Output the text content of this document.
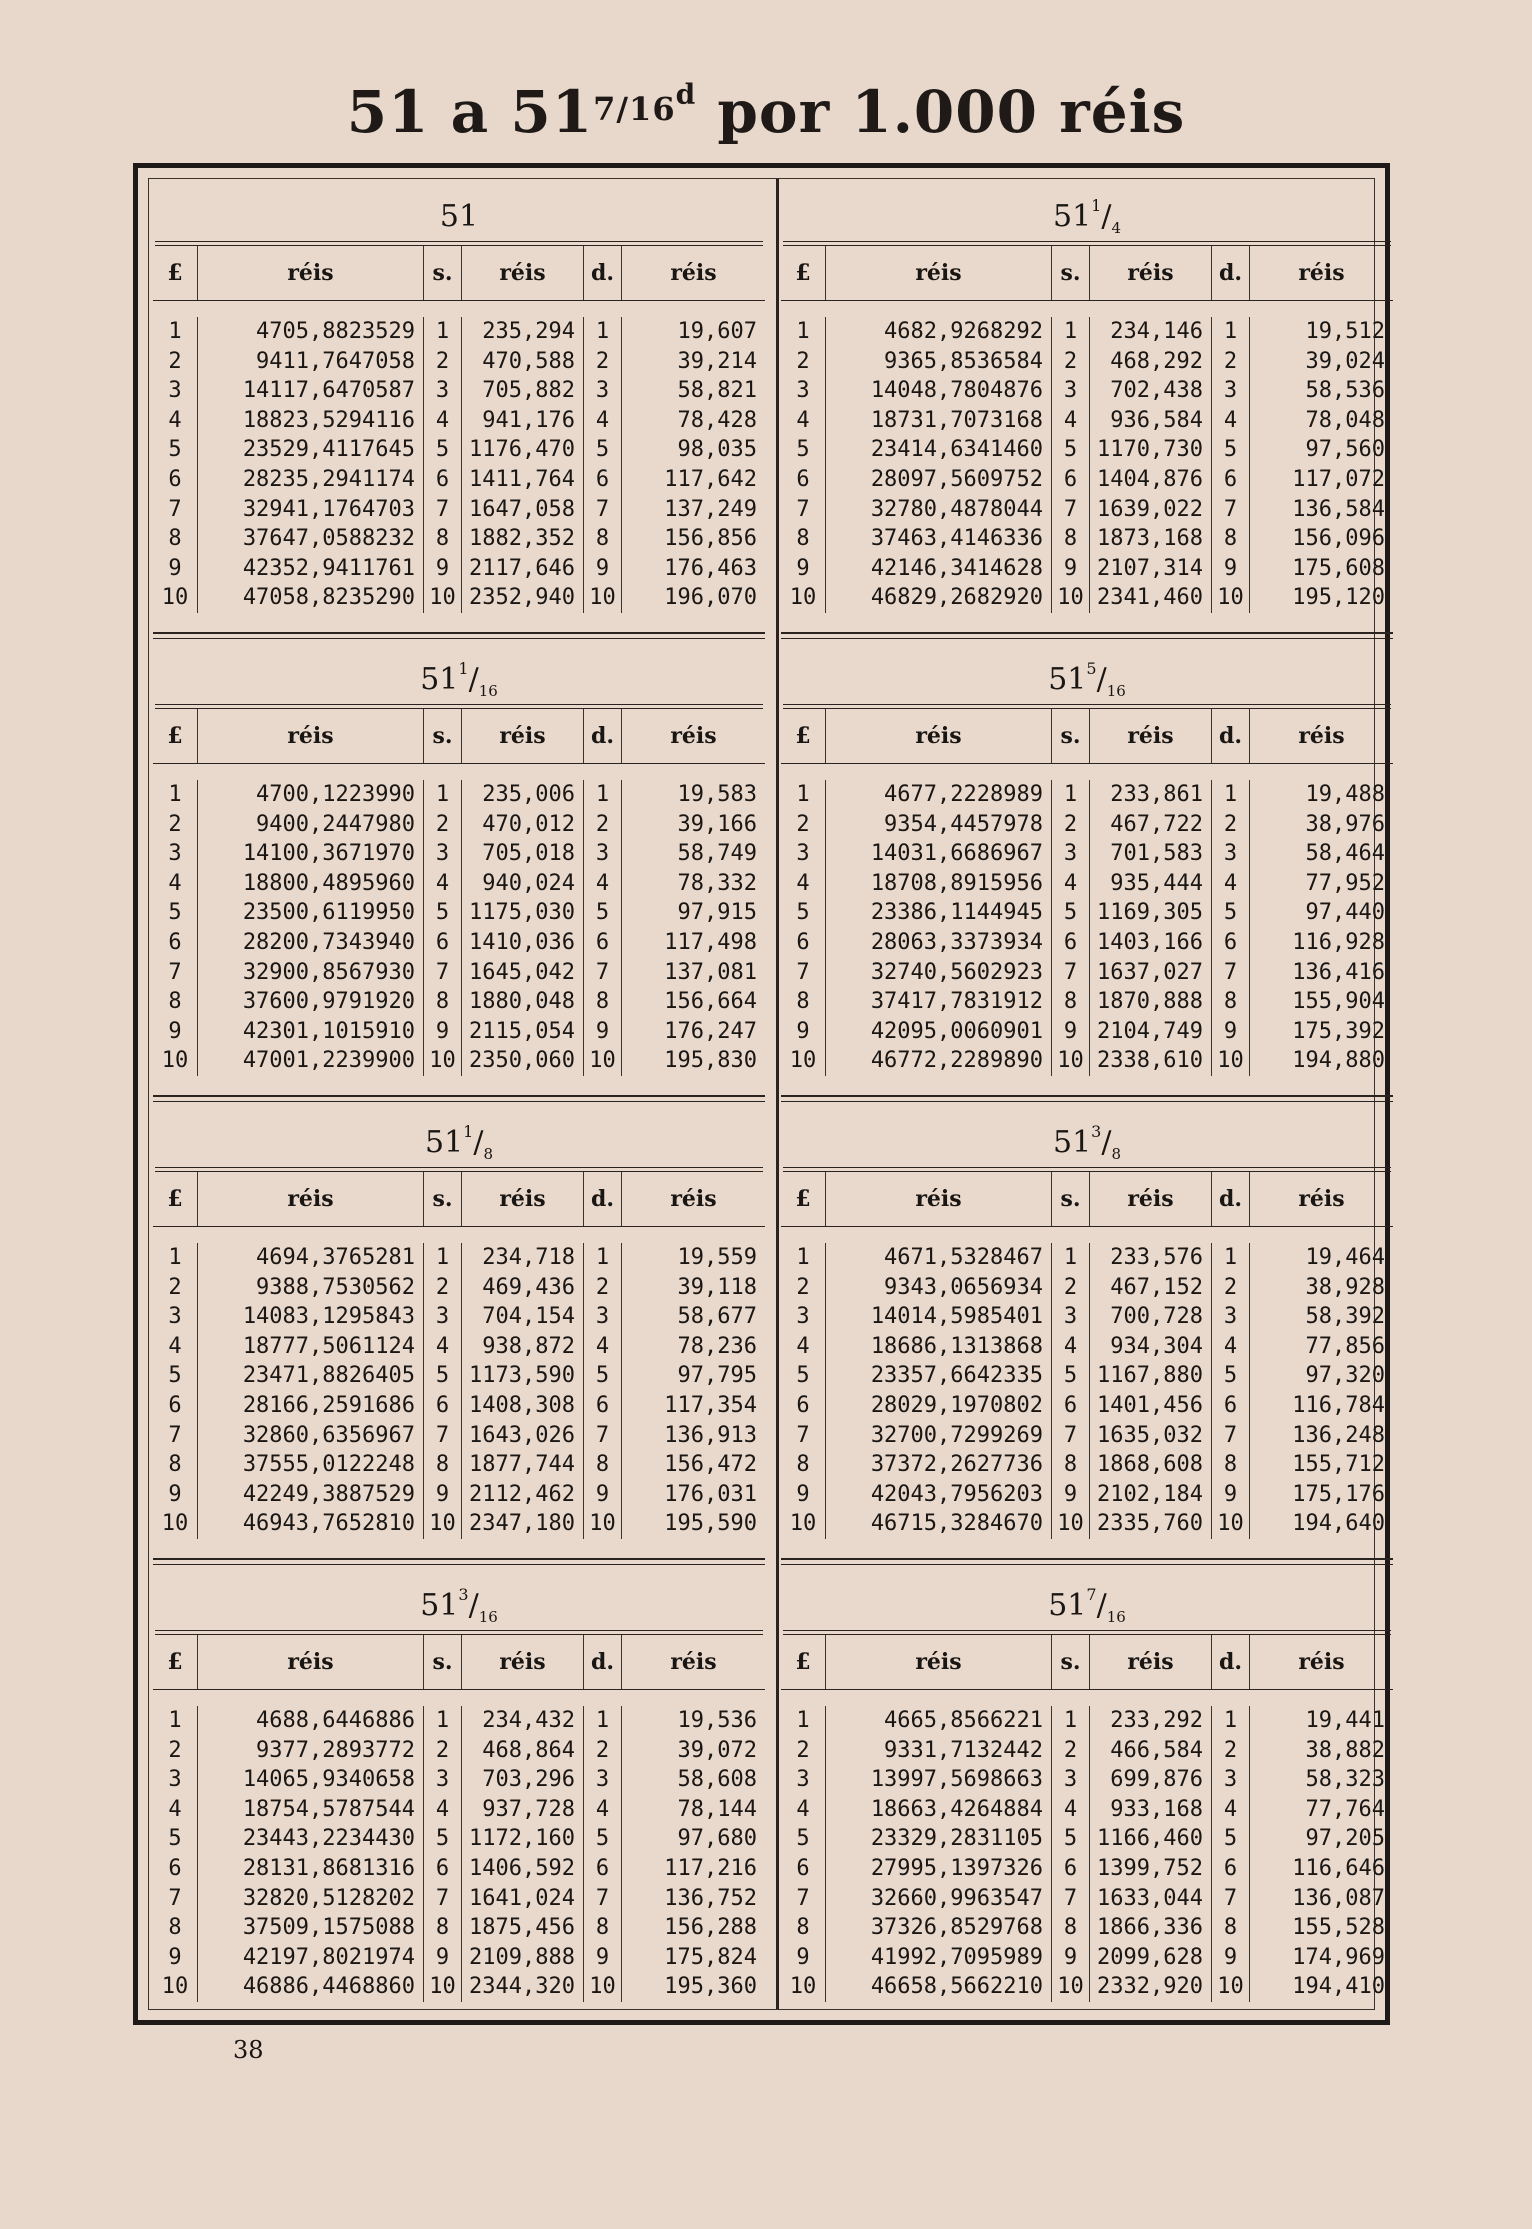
51 a $51^{7/16d}$ por 1.000 réis
51
£	réis	s.	réis	d.	réis
1	4705,8823529 1	235,294 1	19,607
2	9411,7647058 2	470,588 2	39,214
3	14117,6470587 3	705,882 3	58,821
4	18823,5294116 4	941,176 4	78,428
5	23529,4117645 5 1176,470 5	98,035
6	28235,2941174 6 1411,764 6	117,642
7	32941,1764703 7 1647,058 7	137,249
8	37647,0588232 8 1882,352 8	156,856
9	42352,9411761 9 2117,646 9	176,463
10	47058,8235290 10 2352,940 10	196,070
$51^1/_4$
£	réis	s.	réis	d.	réis
1	4682,9268292 1	234,146 1	19,512
2	9365,8536584 2	468,292 2	39,024
3	14048,7804876 3	702,438 3	58,536
4	18731,7073168 4	936,584 4	78,048
5	23414,6341460 5 1170,730 5	97,560
6	28097,5609752 6 1404,876 6	117,072
7	32780,4878044 7 1639,022 7	136,584
8	37463,4146336 8 1873,168 8	156,096
9	42146,3414628 9 2107,314 9	175,608
10	46829,2682920 10 2341,460 10	195,120
$51^1/_{16}$
£	réis	s.	réis	d.	réis
1	4700,1223990 1	235,006 1	19,583
2	9400,2447980 2	470,012 2	39,166
3	14100,3671970 3	705,018 3	58,749
4	18800,4895960 4	940,024 4	78,332
5	23500,6119950 5 1175,030 5	97,915
6	28200,7343940 6 1410,036 6	117,498
7	32900,8567930 7 1645,042 7	137,081
8	37600,9791920 8 1880,048 8	156,664
9	42301,1015910 9 2115,054 9	176,247
10	47001,2239900 10 2350,060 10	195,830
$51^5/_{16}$
£	réis	s.	réis	d.	réis
1	4677,2228989 1	233,861 1	19,488
2	9354,4457978 2	467,722 2	38,976
3	14031,6686967 3	701,583 3	58,464
4	18708,8915956 4	935,444 4	77,952
5	23386,1144945 5 1169,305 5	97,440
6	28063,3373934 6 1403,166 6	116,928
7	32740,5602923 7 1637,027 7	136,416
8	37417,7831912 8 1870,888 8	155,904
9	42095,0060901 9 2104,749 9	175,392
10	46772,2289890 10 2338,610 10	194,880
$51^1/_8$
£	réis	s.	réis	d.	réis
1	4694,3765281 1	234,718 1	19,559
2	9388,7530562 2	469,436 2	39,118
3	14083,1295843 3	704,154 3	58,677
4	18777,5061124 4	938,872 4	78,236
5	23471,8826405 5 1173,590 5	97,795
6	28166,2591686 6 1408,308 6	117,354
7	32860,6356967 7 1643,026 7	136,913
8	37555,0122248 8 1877,744 8	156,472
9	42249,3887529 9 2112,462 9	176,031
10	46943,7652810 10 2347,180 10	195,590
$51^3/_8$
£	réis	s.	réis	d.	réis
1	4671,5328467 1	233,576 1	19,464
2	9343,0656934 2	467,152 2	38,928
3	14014,5985401 3	700,728 3	58,392
4	18686,1313868 4	934,304 4	77,856
5	23357,6642335 5 1167,880 5	97,320
6	28029,1970802 6 1401,456 6	116,784
7	32700,7299269 7 1635,032 7	136,248
8	37372,2627736 8 1868,608 8	155,712
9	42043,7956203 9 2102,184 9	175,176
10	46715,3284670 10 2335,760 10	194,640
$51^3/_{16}$
£	réis	s.	réis	d.	réis
1	4688,6446886 1	234,432 1	19,536
2	9377,2893772 2	468,864 2	39,072
3	14065,9340658 3	703,296 3	58,608
4	18754,5787544 4	937,728 4	78,144
5	23443,2234430 5 1172,160 5	97,680
6	28131,8681316 6 1406,592 6	117,216
7	32820,5128202 7 1641,024 7	136,752
8	37509,1575088 8 1875,456 8	156,288
9	42197,8021974 9 2109,888 9	175,824
10	46886,4468860 10 2344,320 10	195,360
$51^7/_{16}$
£	réis	s.	réis	d.	réis
1	4665,8566221 1	233,292 1	19,441
2	9331,7132442 2	466,584 2	38,882
3	13997,5698663 3	699,876 3	58,323
4	18663,4264884 4	933,168 4	77,764
5	23329,2831105 5 1166,460 5	97,205
6	27995,1397326 6 1399,752 6	116,646
7	32660,9963547 7 1633,044 7	136,087
8	37326,8529768 8 1866,336 8	155,528
9	41992,7095989 9 2099,628 9	174,969
10	46658,5662210 10 2332,920 10	194,410
38
